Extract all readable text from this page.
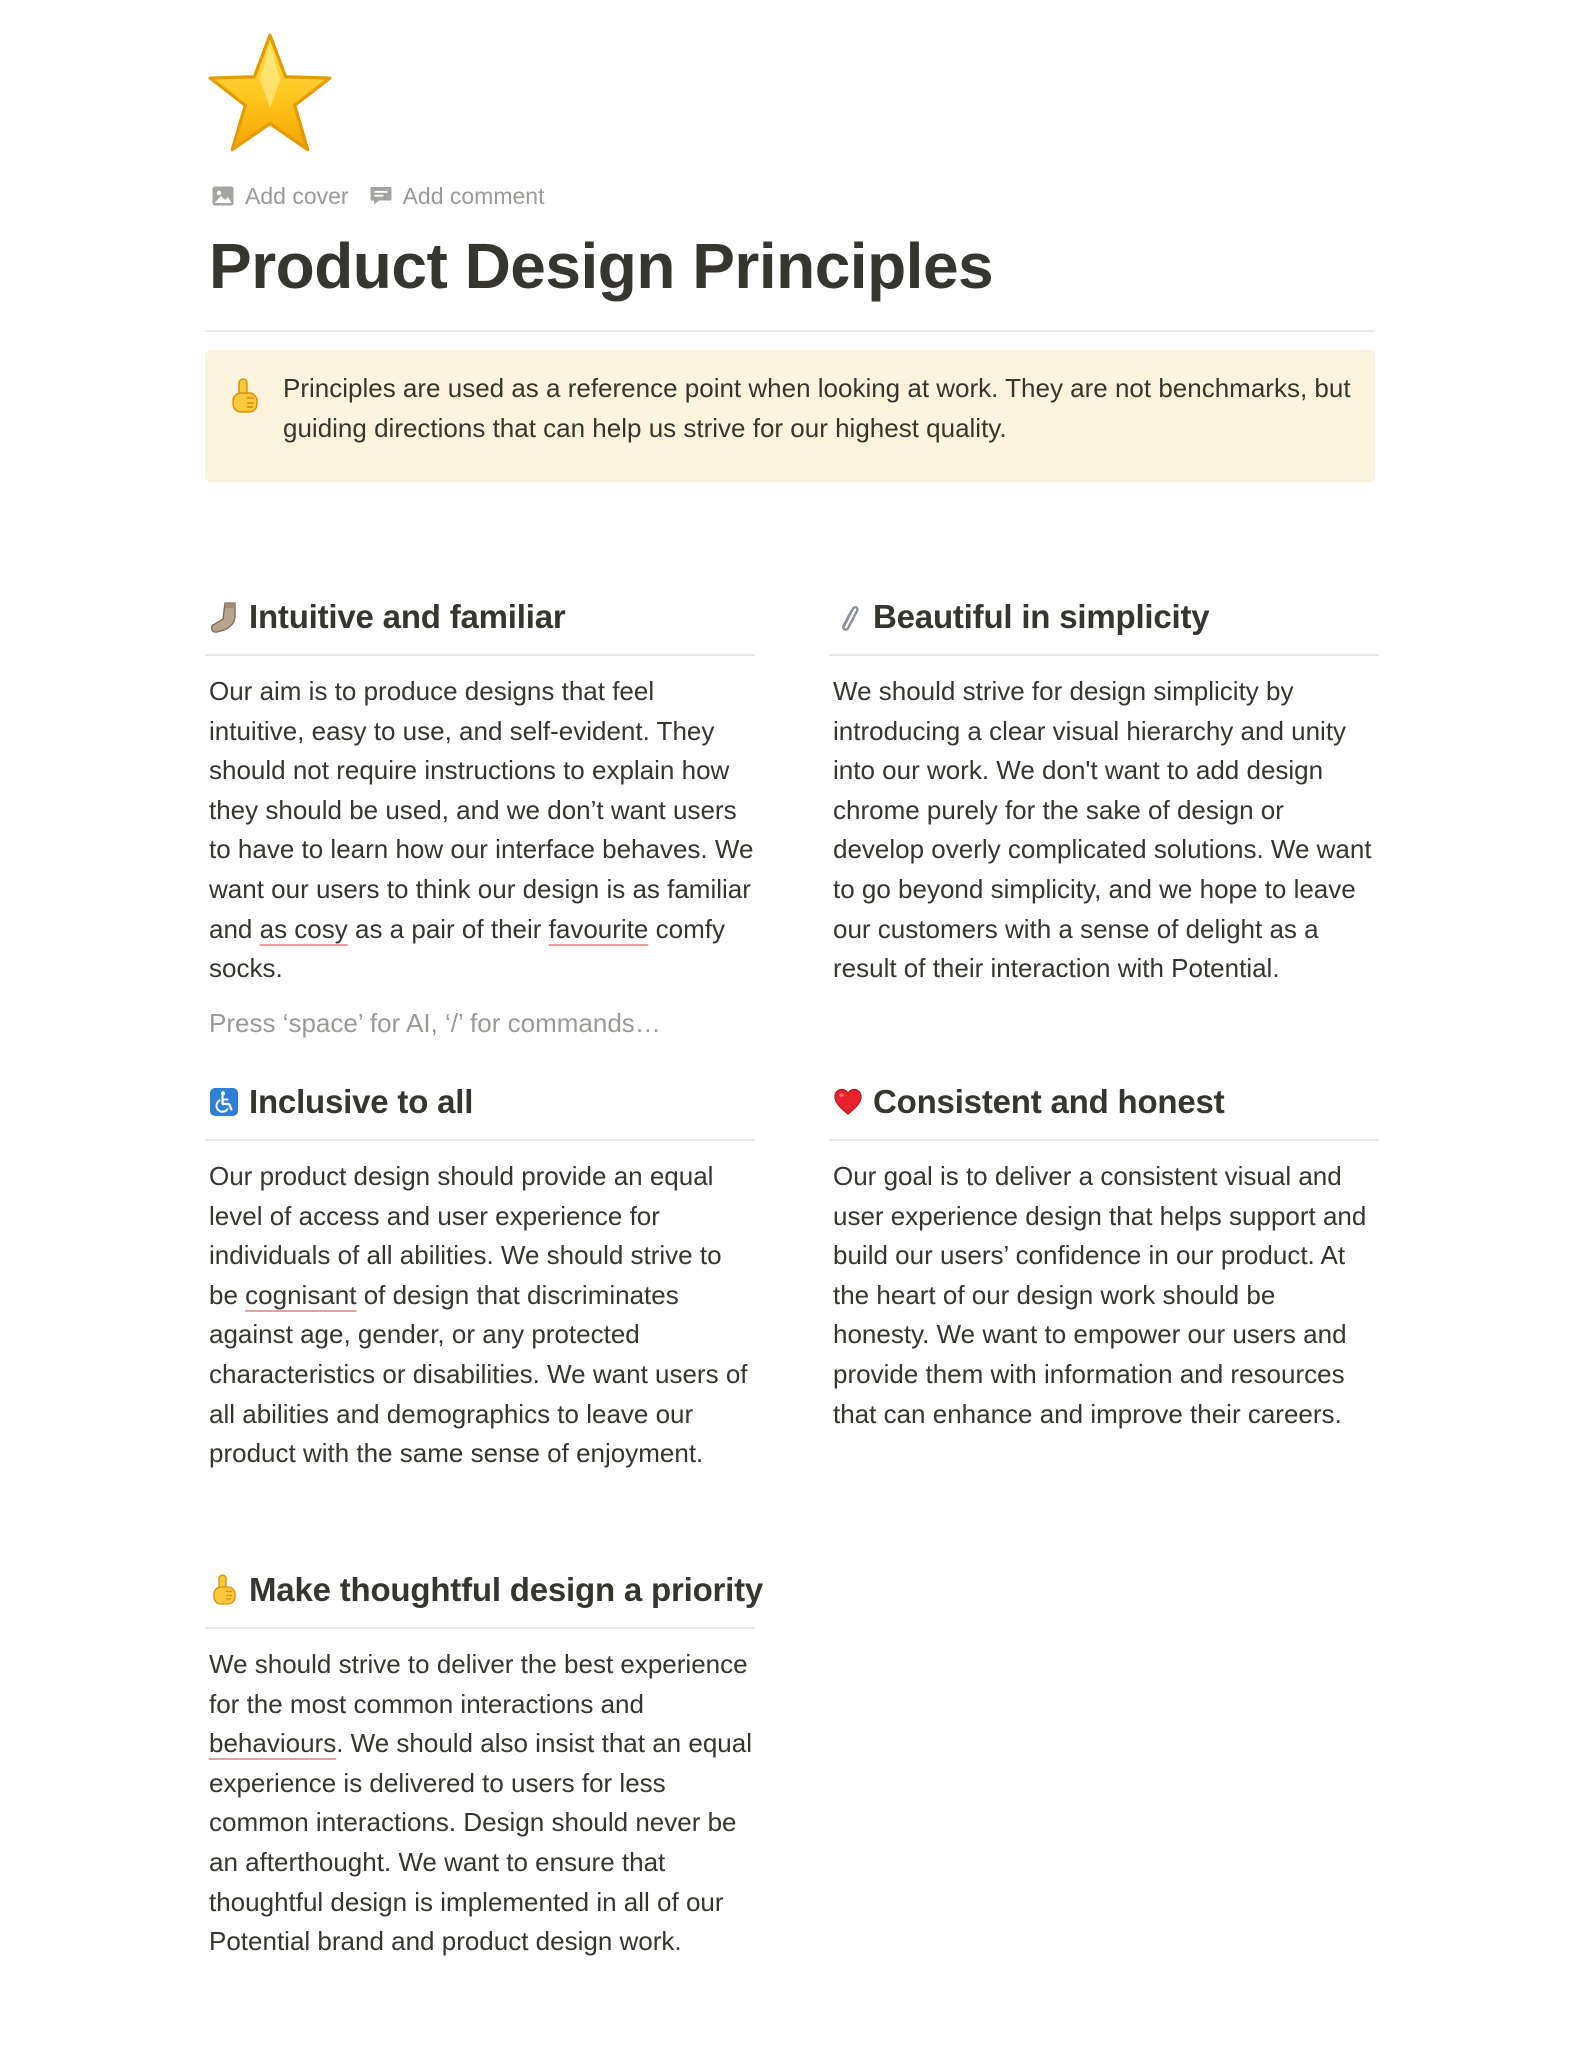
Add cover Add comment
Product Design Principles
Principles are used as a reference point when looking at work. They are not benchmarks, but guiding directions that can help us strive for our highest quality.
Intuitive and familiar

Our aim is to produce designs that feel intuitive, easy to use, and self-evident. They should not require instructions to explain how they should be used, and we don’t want users to have to learn how our interface behaves. We want our users to think our design is as familiar and as cosy as a pair of their favourite comfy socks.

Press ‘space’ for AI, ‘/’ for commands…
Inclusive to all

Our product design should provide an equal level of access and user experience for individuals of all abilities. We should strive to be cognisant of design that discriminates against age, gender, or any protected characteristics or disabilities. We want users of all abilities and demographics to leave our product with the same sense of enjoyment.

Make thoughtful design a priority

We should strive to deliver the best experience for the most common interactions and behaviours. We should also insist that an equal experience is delivered to users for less common interactions. Design should never be an afterthought. We want to ensure that thoughtful design is implemented in all of our Potential brand and product design work.

Beautiful in simplicity

We should strive for design simplicity by introducing a clear visual hierarchy and unity into our work. We don't want to add design chrome purely for the sake of design or develop overly complicated solutions. We want to go beyond simplicity, and we hope to leave our customers with a sense of delight as a result of their interaction with Potential.

Consistent and honest

Our goal is to deliver a consistent visual and user experience design that helps support and build our users’ confidence in our product. At the heart of our design work should be honesty. We want to empower our users and provide them with information and resources that can enhance and improve their careers.
